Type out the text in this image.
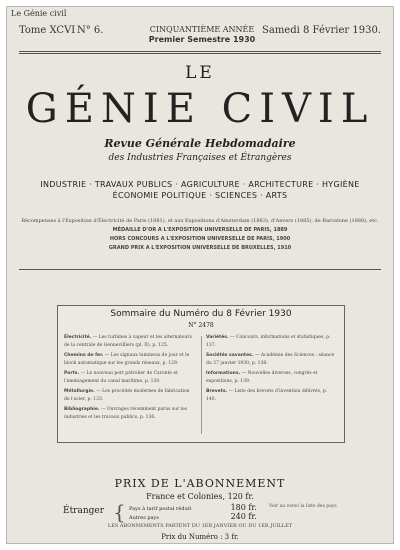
Le Génie civil
Tome XCVI N° 6.	CINQUANTIÈME ANNÉE
Premier Semestre 1930
Samedi 8 Février 1930.
LE
GÉNIE CIVIL
Revue Générale Hebdomadaire
des Industries Françaises et Étrangères
INDUSTRIE · TRAVAUX PUBLICS · AGRICULTURE · ARCHITECTURE · HYGIÈNE
ÉCONOMIE POLITIQUE · SCIENCES · ARTS
Récompenses à l'Exposition d'Électricité de Paris (1881), et aux Expositions d'Amsterdam (1883), d'Anvers (1885), de Barcelone (1888), etc.
MÉDAILLE D'OR A L'EXPOSITION UNIVERSELLE DE PARIS, 1889
HORS CONCOURS A L'EXPOSITION UNIVERSELLE DE PARIS, 1900
GRAND PRIX A L'EXPOSITION UNIVERSELLE DE BRUXELLES, 1910
Sommaire du Numéro du 8 Février 1930
N° 2478
Électricité. — Les turbines à vapeur et les alternateurs de la centrale de Gennevilliers (pl. II), p. 125.
Chemins de fer. — Les signaux lumineux de jour et le block automatique sur les grands réseaux, p. 129.
Ports. — Le nouveau port pétrolier de Caronte et l'aménagement du canal maritime, p. 130.
Métallurgie. — Les procédés modernes de fabrication de l'acier, p. 133.
Bibliographie. — Ouvrages récemment parus sur les industries et les travaux publics, p. 136.
Variétés. — Concours, informations et statistiques, p. 137.
Sociétés savantes. — Académie des Sciences : séance du 27 janvier 1930, p. 138.
Informations. — Nouvelles diverses, congrès et expositions, p. 139.
Brevets. — Liste des brevets d'invention délivrés, p. 140.
PRIX DE L'ABONNEMENT
France et Colonies, 120 fr.
Étranger { Pays à tarif postal réduit	180 fr.
Autres pays	240 fr.
Voir au verso la liste des pays
LES ABONNEMENTS PARTENT DU 1ER JANVIER OU DU 1ER JUILLET
Prix du Numéro : 3 fr.
